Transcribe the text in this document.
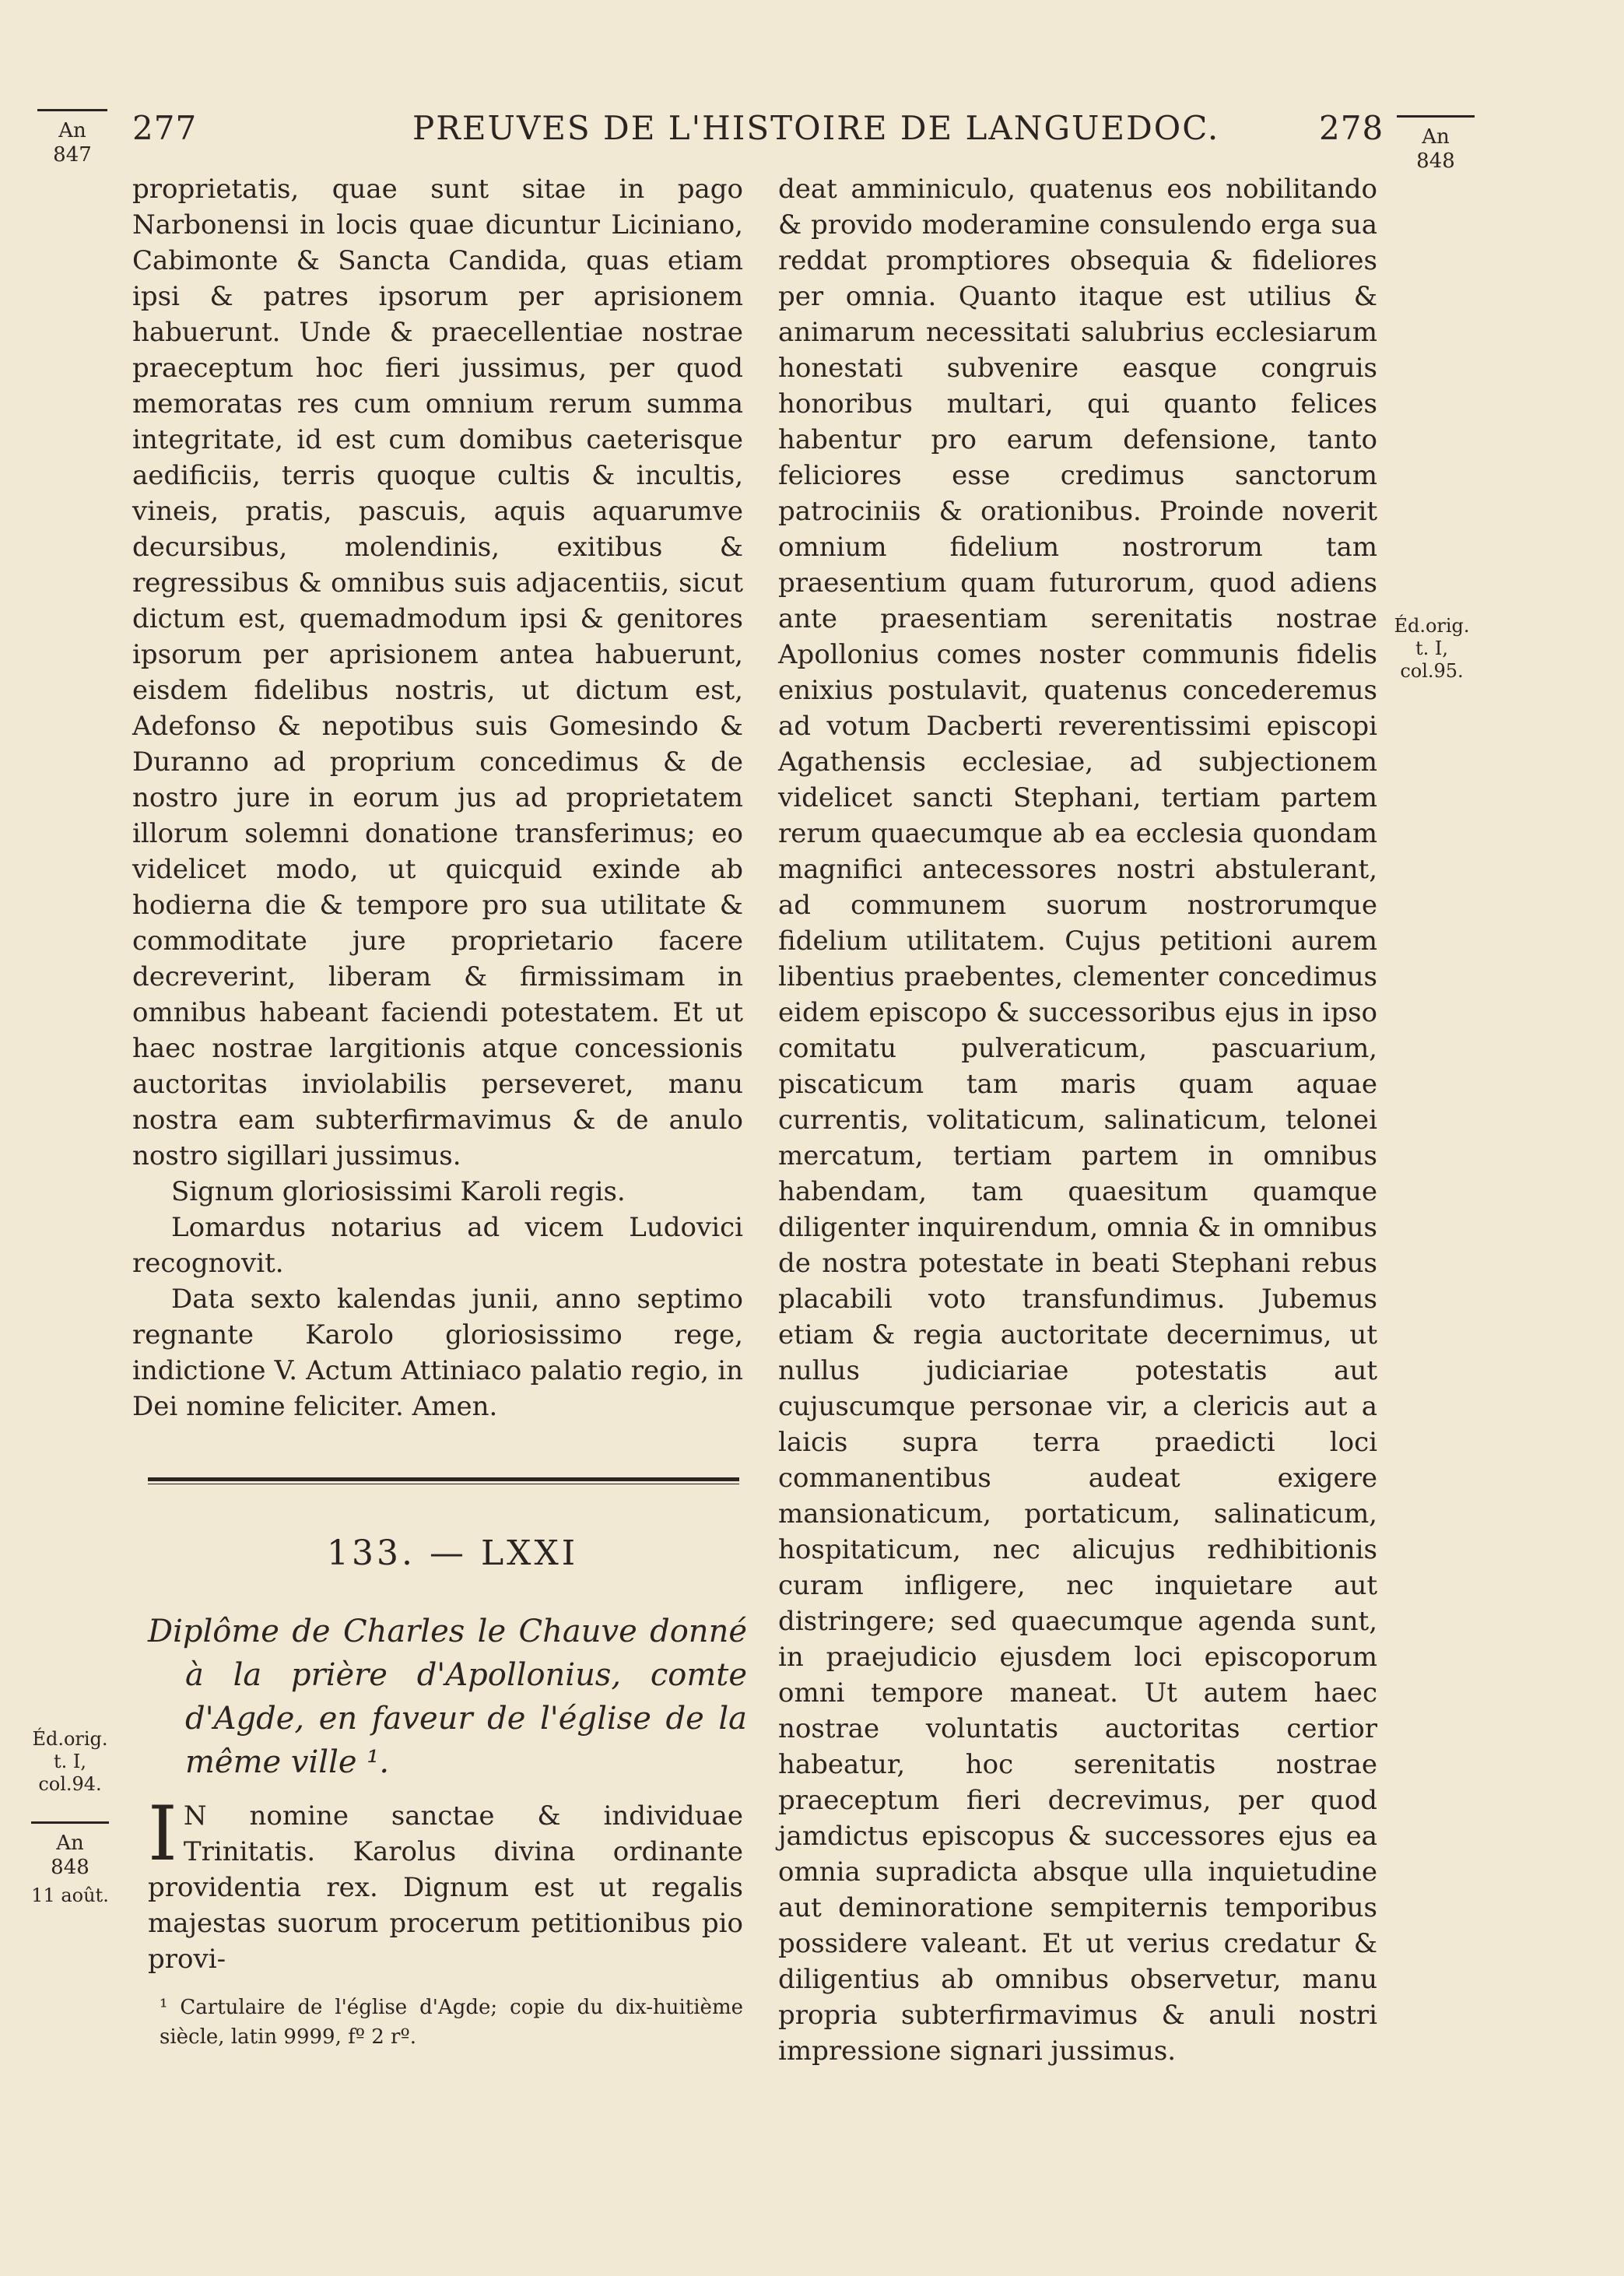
277	PREUVES DE L'HISTOIRE DE LANGUEDOC.	278
An
847
An
848
Éd.orig.
t. I,
col.95.
Éd.orig.
t. I,
col.94.
An
848
11 août.

proprietatis, quae sunt sitae in pago Narbonensi in locis quae dicuntur Liciniano, Cabimonte & Sancta Candida, quas etiam ipsi & patres ipsorum per aprisionem habuerunt. Unde & praecellentiae nostrae praeceptum hoc fieri jussimus, per quod memoratas res cum omnium rerum summa integritate, id est cum domibus caeterisque aedificiis, terris quoque cultis & incultis, vineis, pratis, pascuis, aquis aquarumve decursibus, molendinis, exitibus & regressibus & omnibus suis adjacentiis, sicut dictum est, quemadmodum ipsi & genitores ipsorum per aprisionem antea habuerunt, eisdem fidelibus nostris, ut dictum est, Adefonso & nepotibus suis Gomesindo & Duranno ad proprium concedimus & de nostro jure in eorum jus ad proprietatem illorum solemni donatione transferimus; eo videlicet modo, ut quicquid exinde ab hodierna die & tempore pro sua utilitate & commoditate jure proprietario facere decreverint, liberam & firmissimam in omnibus habeant faciendi potestatem. Et ut haec nostrae largitionis atque concessionis auctoritas inviolabilis perseveret, manu nostra eam subterfirmavimus & de anulo nostro sigillari jussimus.

Signum gloriosissimi Karoli regis.

Lomardus notarius ad vicem Ludovici recognovit.

Data sexto kalendas junii, anno septimo regnante Karolo gloriosissimo rege, indictione V. Actum Attiniaco palatio regio, in Dei nomine feliciter. Amen.

133. — LXXI
Diplôme de Charles le Chauve donné à la prière d'Apollonius, comte d'Agde, en faveur de l'église de la même ville ¹.
I N nomine sanctae & individuae Trinitatis. Karolus divina ordinante providentia rex. Dignum est ut regalis majestas suorum procerum petitionibus pio provi-
¹ Cartulaire de l'église d'Agde; copie du dix-huitième siècle, latin 9999, fº 2 rº.

deat amminiculo, quatenus eos nobilitando & provido moderamine consulendo erga sua reddat promptiores obsequia & fideliores per omnia. Quanto itaque est utilius & animarum necessitati salubrius ecclesiarum honestati subvenire easque congruis honoribus multari, qui quanto felices habentur pro earum defensione, tanto feliciores esse credimus sanctorum patrociniis & orationibus. Proinde noverit omnium fidelium nostrorum tam praesentium quam futurorum, quod adiens ante praesentiam serenitatis nostrae Apollonius comes noster communis fidelis enixius postulavit, quatenus concederemus ad votum Dacberti reverentissimi episcopi Agathensis ecclesiae, ad subjectionem videlicet sancti Stephani, tertiam partem rerum quaecumque ab ea ecclesia quondam magnifici antecessores nostri abstulerant, ad communem suorum nostrorumque fidelium utilitatem. Cujus petitioni aurem libentius praebentes, clementer concedimus eidem episcopo & successoribus ejus in ipso comitatu pulveraticum, pascuarium, piscaticum tam maris quam aquae currentis, volitaticum, salinaticum, telonei mercatum, tertiam partem in omnibus habendam, tam quaesitum quamque diligenter inquirendum, omnia & in omnibus de nostra potestate in beati Stephani rebus placabili voto transfundimus. Jubemus etiam & regia auctoritate decernimus, ut nullus judiciariae potestatis aut cujuscumque personae vir, a clericis aut a laicis supra terra praedicti loci commanentibus audeat exigere mansionaticum, portaticum, salinaticum, hospitaticum, nec alicujus redhibitionis curam infligere, nec inquietare aut distringere; sed quaecumque agenda sunt, in praejudicio ejusdem loci episcoporum omni tempore maneat. Ut autem haec nostrae voluntatis auctoritas certior habeatur, hoc serenitatis nostrae praeceptum fieri decrevimus, per quod jamdictus episcopus & successores ejus ea omnia supradicta absque ulla inquietudine aut deminoratione sempiternis temporibus possidere valeant. Et ut verius credatur & diligentius ab omnibus observetur, manu propria subterfirmavimus & anuli nostri impressione signari jussimus.
